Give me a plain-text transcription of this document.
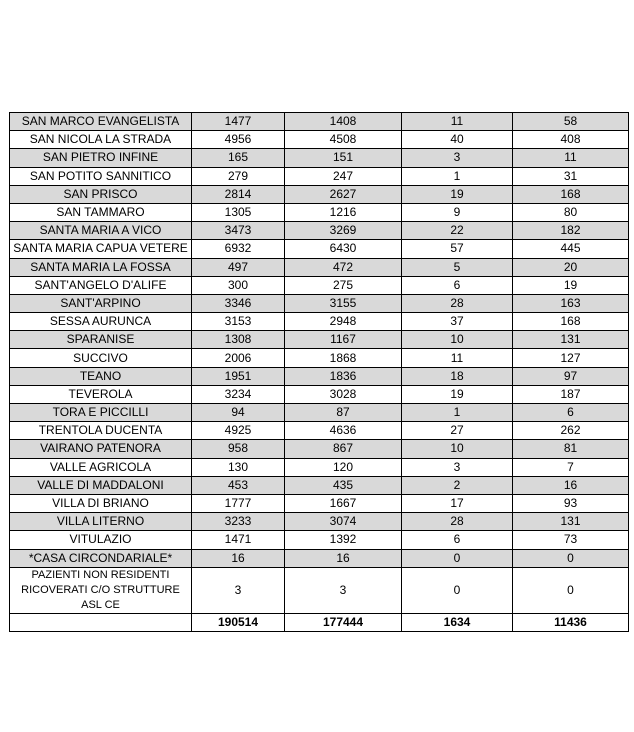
SAN MARCO EVANGELISTA	1477	1408	11	58
SAN NICOLA LA STRADA	4956	4508	40	408
SAN PIETRO INFINE	165	151	3	11
SAN POTITO SANNITICO	279	247	1	31
SAN PRISCO	2814	2627	19	168
SAN TAMMARO	1305	1216	9	80
SANTA MARIA A VICO	3473	3269	22	182
SANTA MARIA CAPUA VETERE	6932	6430	57	445
SANTA MARIA LA FOSSA	497	472	5	20
SANT'ANGELO D'ALIFE	300	275	6	19
SANT'ARPINO	3346	3155	28	163
SESSA AURUNCA	3153	2948	37	168
SPARANISE	1308	1167	10	131
SUCCIVO	2006	1868	11	127
TEANO	1951	1836	18	97
TEVEROLA	3234	3028	19	187
TORA E PICCILLI	94	87	1	6
TRENTOLA DUCENTA	4925	4636	27	262
VAIRANO PATENORA	958	867	10	81
VALLE AGRICOLA	130	120	3	7
VALLE DI MADDALONI	453	435	2	16
VILLA DI BRIANO	1777	1667	17	93
VILLA LITERNO	3233	3074	28	131
VITULAZIO	1471	1392	6	73
*CASA CIRCONDARIALE*	16	16	0	0
PAZIENTI NON RESIDENTI RICOVERATI C/O STRUTTURE ASL CE	3	3	0	0
	190514	177444	1634	11436
